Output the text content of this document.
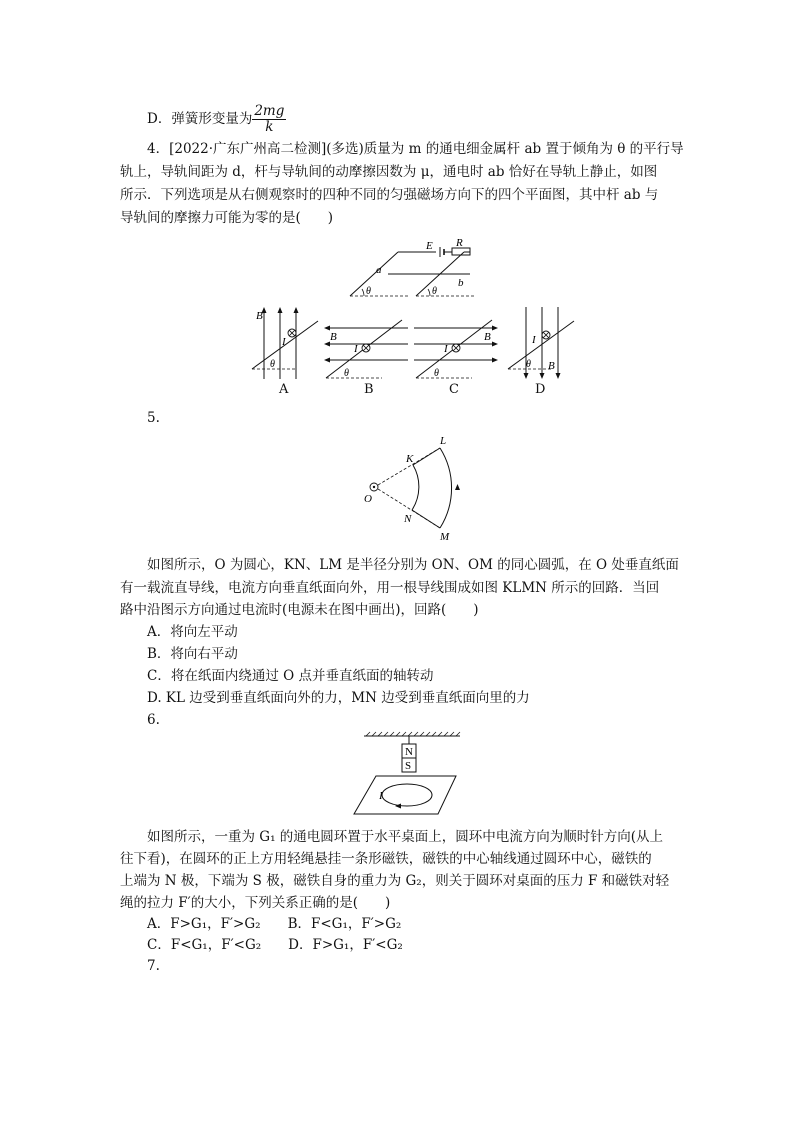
D．弹簧形变量为 $\frac{2mg}{k}$
4．[2022·广东广州高二检测](多选)质量为 m 的通电细金属杆 ab 置于倾角为 θ 的平行导
轨上，导轨间距为 d，杆与导轨间的动摩擦因数为 μ，通电时 ab 恰好在导轨上静止，如图
所示．下列选项是从右侧观察时的四种不同的匀强磁场方向下的四个平面图，其中杆 ab 与
导轨间的摩擦力可能为零的是(　　)
E R
a
b
θ	θ
B
I
θ
B
I
θ
B
I
θ
B
I
θ
A	B	C	D
5.
K
L
O
N
M
如图所示，O 为圆心，KN、LM 是半径分别为 ON、OM 的同心圆弧，在 O 处垂直纸面
有一载流直导线，电流方向垂直纸面向外，用一根导线围成如图 KLMN 所示的回路．当回
路中沿图示方向通过电流时(电源未在图中画出)，回路(　　)
A．将向左平动
B．将向右平动
C．将在纸面内绕通过 O 点并垂直纸面的轴转动
D. KL 边受到垂直纸面向外的力，MN 边受到垂直纸面向里的力
6.
N
S
I
如图所示，一重为 G₁ 的通电圆环置于水平桌面上，圆环中电流方向为顺时针方向(从上
往下看)，在圆环的正上方用轻绳悬挂一条形磁铁，磁铁的中心轴线通过圆环中心，磁铁的
上端为 N 极，下端为 S 极，磁铁自身的重力为 G₂，则关于圆环对桌面的压力 F 和磁铁对轻
绳的拉力 F′的大小，下列关系正确的是(　　)
A．F>G₁，F′>G₂　　B．F<G₁，F′>G₂
C．F<G₁，F′<G₂　　D．F>G₁，F′<G₂
7.
